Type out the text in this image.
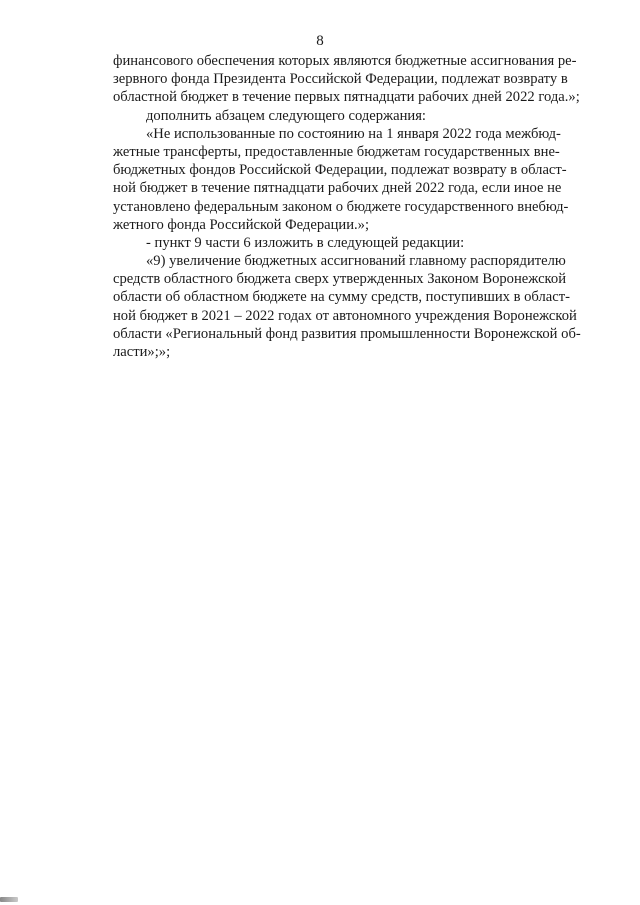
8
финансового обеспечения которых являются бюджетные ассигнования ре-
зервного фонда Президента Российской Федерации, подлежат возврату в
областной бюджет в течение первых пятнадцати рабочих дней 2022 года.»;
дополнить абзацем следующего содержания:
«Не использованные по состоянию на 1 января 2022 года межбюд-
жетные трансферты, предоставленные бюджетам государственных вне-
бюджетных фондов Российской Федерации, подлежат возврату в област-
ной бюджет в течение пятнадцати рабочих дней 2022 года, если иное не
установлено федеральным законом о бюджете государственного внебюд-
жетного фонда Российской Федерации.»;
- пункт 9 части 6 изложить в следующей редакции:
«9) увеличение бюджетных ассигнований главному распорядителю
средств областного бюджета сверх утвержденных Законом Воронежской
области об областном бюджете на сумму средств, поступивших в област-
ной бюджет в 2021 – 2022 годах от автономного учреждения Воронежской
области «Региональный фонд развития промышленности Воронежской об-
ласти»;»;
